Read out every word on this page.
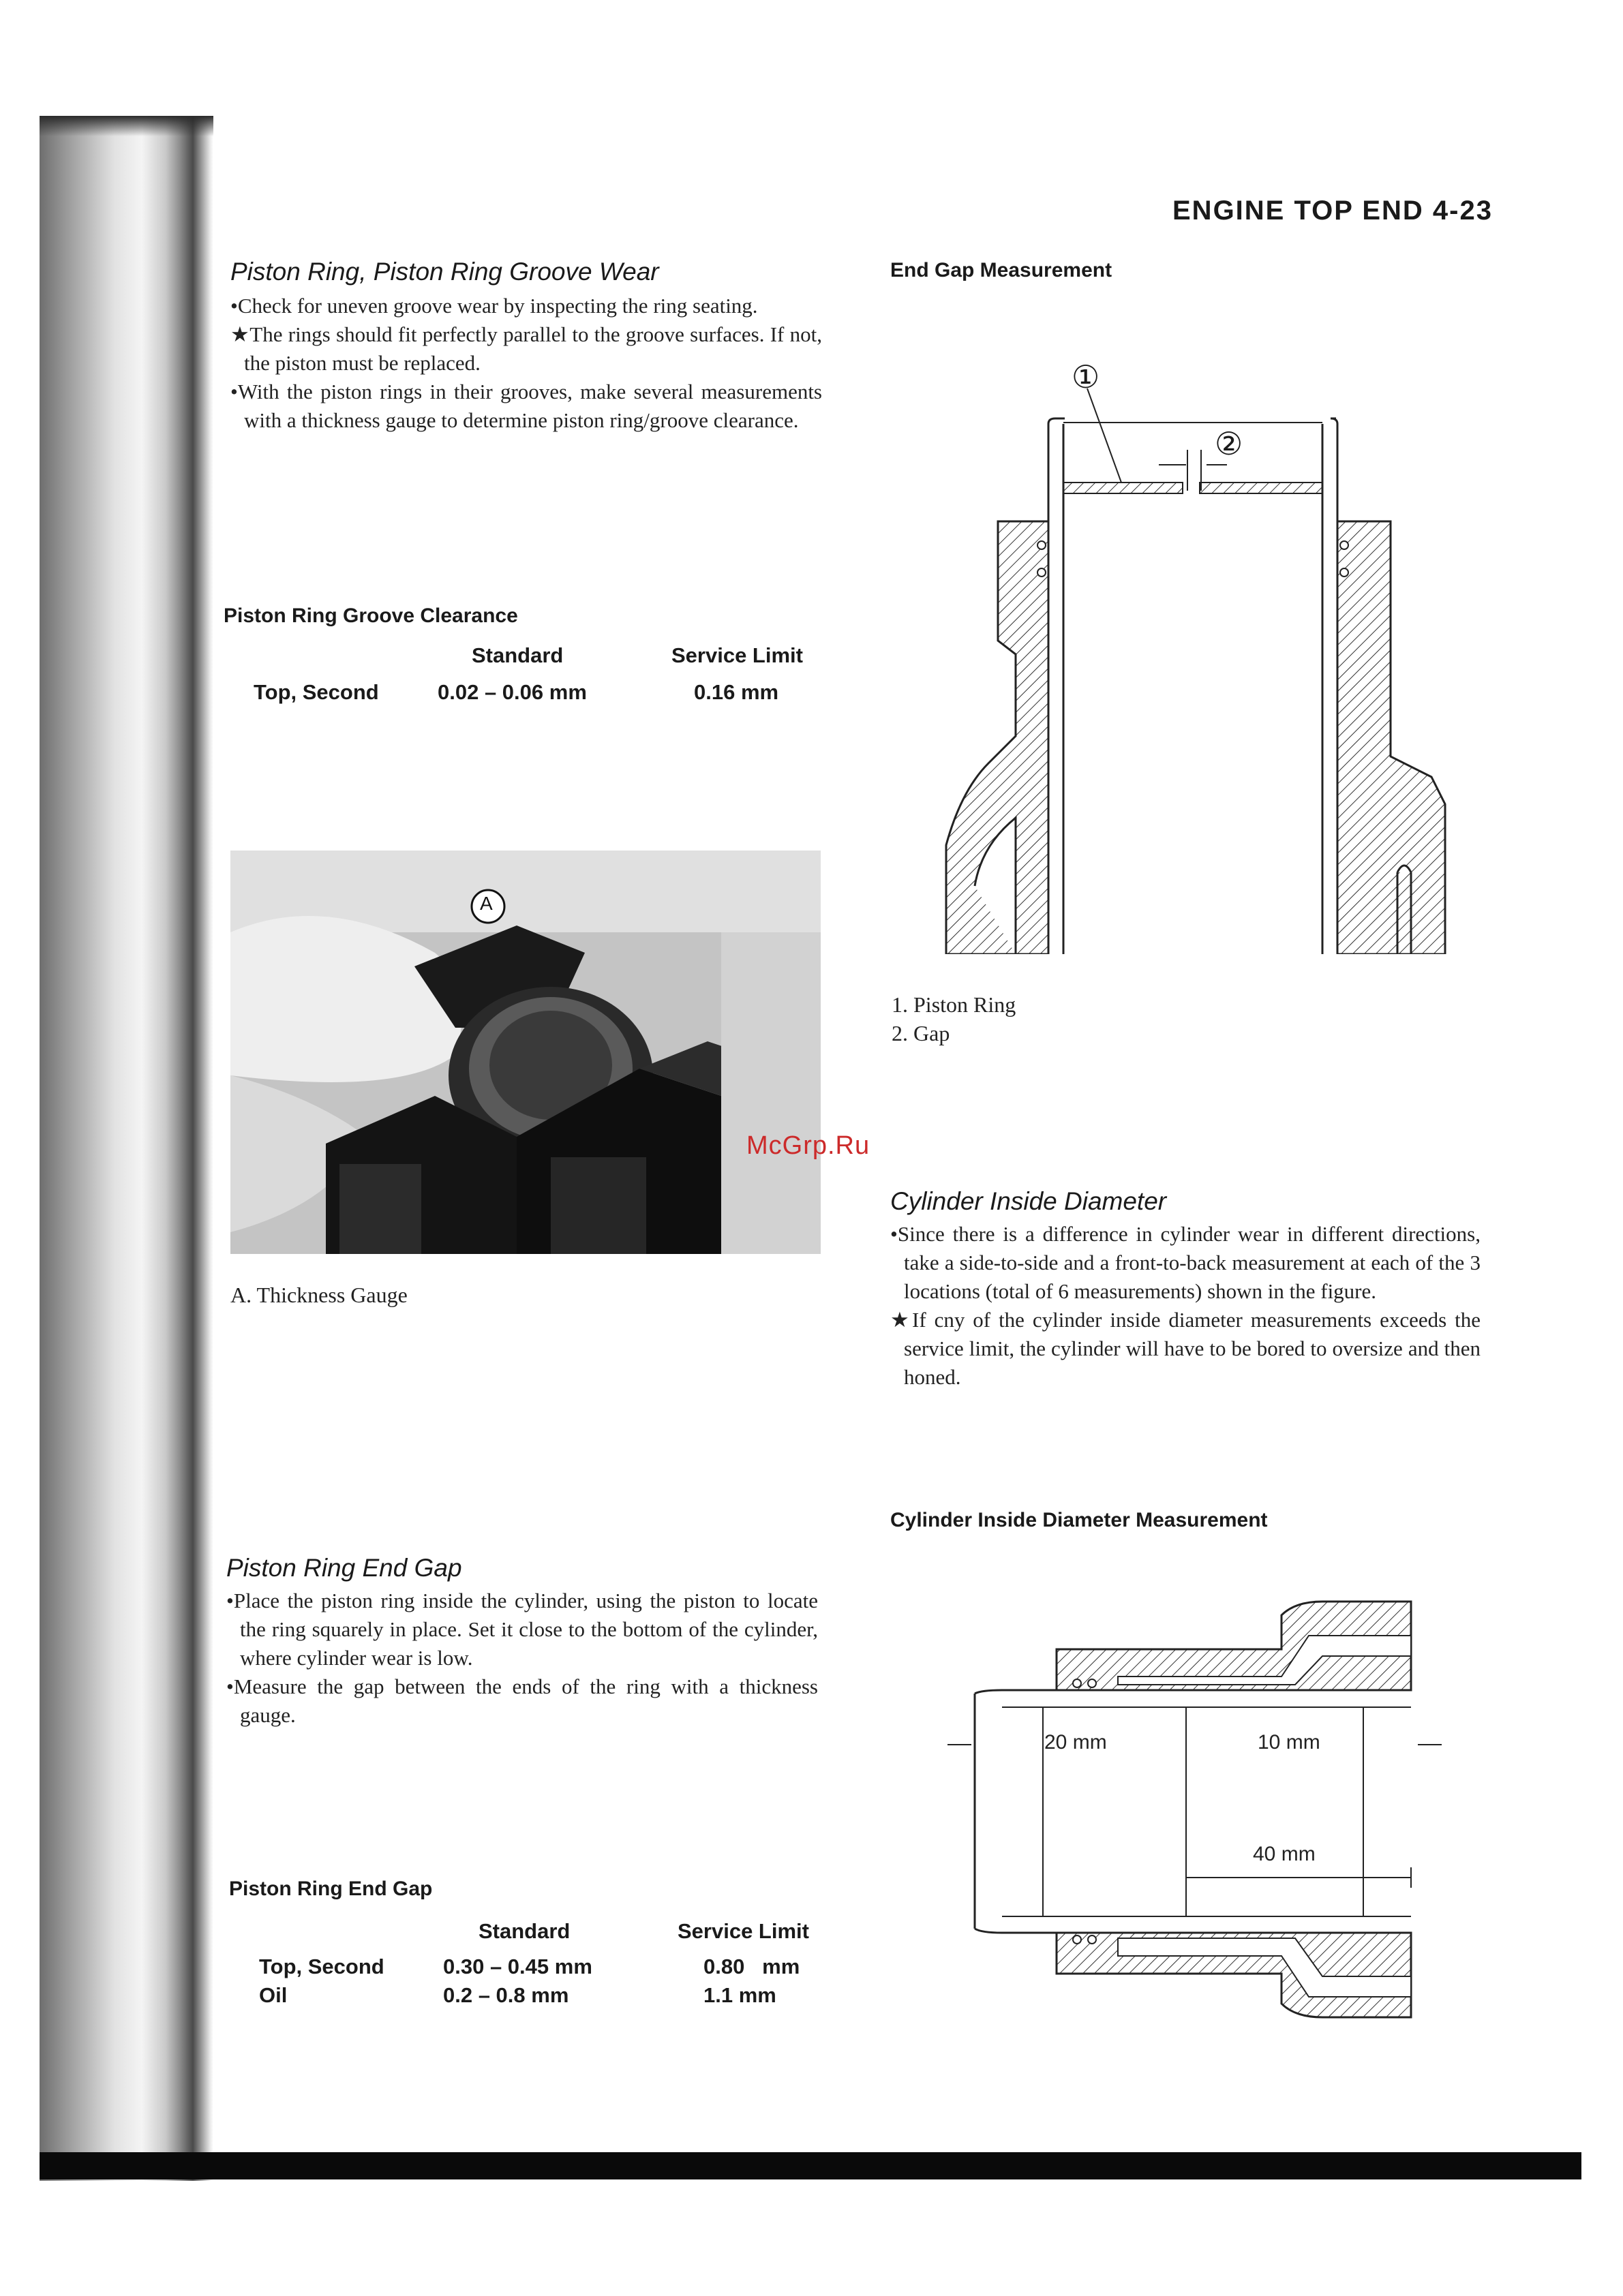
ENGINE TOP END 4-23
Piston Ring, Piston Ring Groove Wear

•Check for uneven groove wear by inspecting the ring seating.

★The rings should fit perfectly parallel to the groove surfaces. If not, the piston must be replaced.

•With the piston rings in their grooves, make several measurements with a thickness gauge to determine piston ring/groove clearance.

Piston Ring Groove Clearance
Standard	Service Limit
Top, Second	0.02 – 0.06 mm	0.16 mm
A
A. Thickness Gauge
Piston Ring End Gap

•Place the piston ring inside the cylinder, using the piston to locate the ring squarely in place. Set it close to the bottom of the cylinder, where cylinder wear is low.

•Measure the gap between the ends of the ring with a thickness gauge.

Piston Ring End Gap
Standard	Service Limit
Top, Second	0.30 – 0.45 mm	0.80   mm
Oil	0.2 – 0.8 mm	1.1 mm
End Gap Measurement
①
②
1. Piston Ring
2. Gap
McGrp.Ru
Cylinder Inside Diameter

•Since there is a difference in cylinder wear in different directions, take a side-to-side and a front-to-back measurement at each of the 3 locations (total of 6 measurements) shown in the figure.

★If cny of the cylinder inside diameter measurements exceeds the service limit, the cylinder will have to be bored to oversize and then honed.

Cylinder Inside Diameter Measurement
20 mm	10 mm
40 mm
